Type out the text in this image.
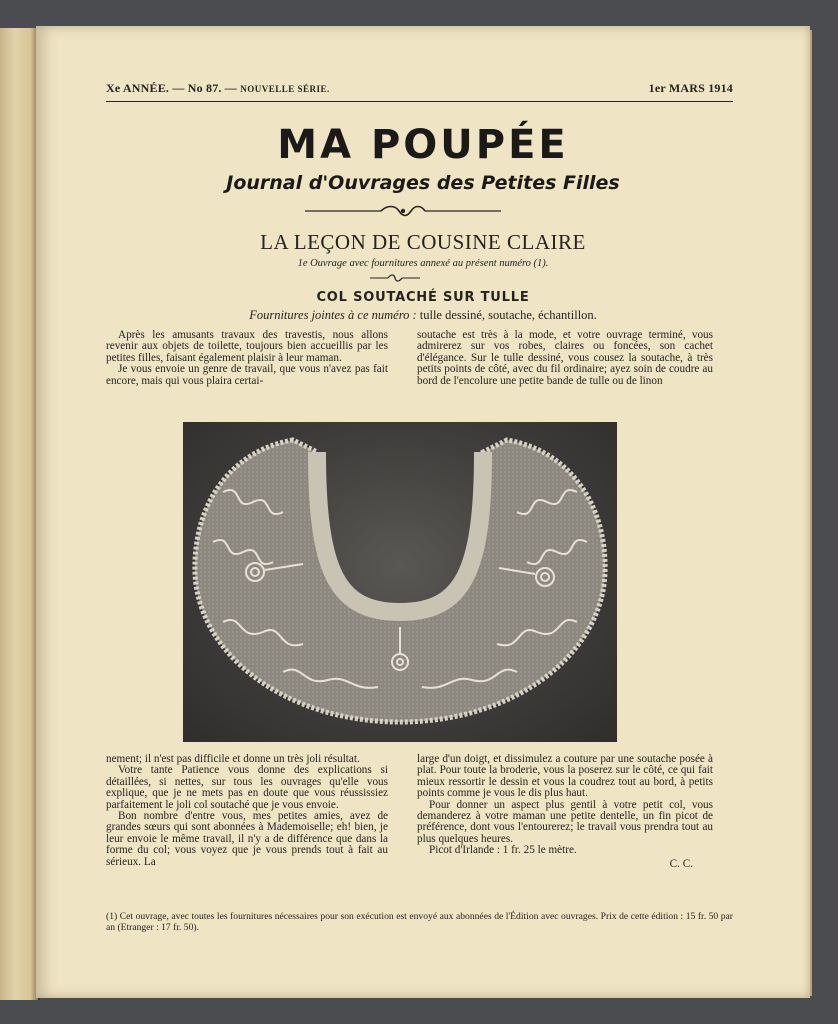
Xe ANNÉE. — No 87. — NOUVELLE SÉRIE.	1er MARS 1914
MA POUPÉE
Journal d'Ouvrages des Petites Filles
LA LEÇON DE COUSINE CLAIRE
1e Ouvrage avec fournitures annexé au présent numéro (1).
COL SOUTACHÉ SUR TULLE
Fournitures jointes à ce numéro : tulle dessiné, soutache, échantillon.

Après les amusants travaux des travestis, nous allons revenir aux objets de toilette, toujours bien accueillis par les petites filles, faisant également plaisir à leur maman.

Je vous envoie un genre de travail, que vous n'avez pas fait encore, mais qui vous plaira certai-

soutache est très à la mode, et votre ouvrage terminé, vous admirerez sur vos robes, claires ou foncées, son cachet d'élégance. Sur le tulle dessiné, vous cousez la soutache, à très petits points de côté, avec du fil ordinaire; ayez soin de coudre au bord de l'encolure une petite bande de tulle ou de linon

nement; il n'est pas difficile et donne un très joli résultat.

Votre tante Patience vous donne des explications si détaillées, si nettes, sur tous les ouvrages qu'elle vous explique, que je ne mets pas en doute que vous réussissiez parfaitement le joli col soutaché que je vous envoie.

Bon nombre d'entre vous, mes petites amies, avez de grandes sœurs qui sont abonnées à Mademoiselle; eh! bien, je leur envoie le même travail, il n'y a de différence que dans la forme du col; vous voyez que je vous prends tout à fait au sérieux. La

large d'un doigt, et dissimulez a couture par une soutache posée à plat. Pour toute la broderie, vous la poserez sur le côté, ce qui fait mieux ressortir le dessin et vous la coudrez tout au bord, à petits points comme je vous le dis plus haut.

Pour donner un aspect plus gentil à votre petit col, vous demanderez à votre maman une petite dentelle, un fin picot de préférence, dont vous l'entourerez; le travail vous prendra tout au plus quelques heures.

Picot d'Irlande : 1 fr. 25 le mètre.

C. C.

(1) Cet ouvrage, avec toutes les fournitures nécessaires pour son exécution est envoyé aux abonnées de l'Édition avec ouvrages. Prix de cette édition : 15 fr. 50 par an (Etranger : 17 fr. 50).
